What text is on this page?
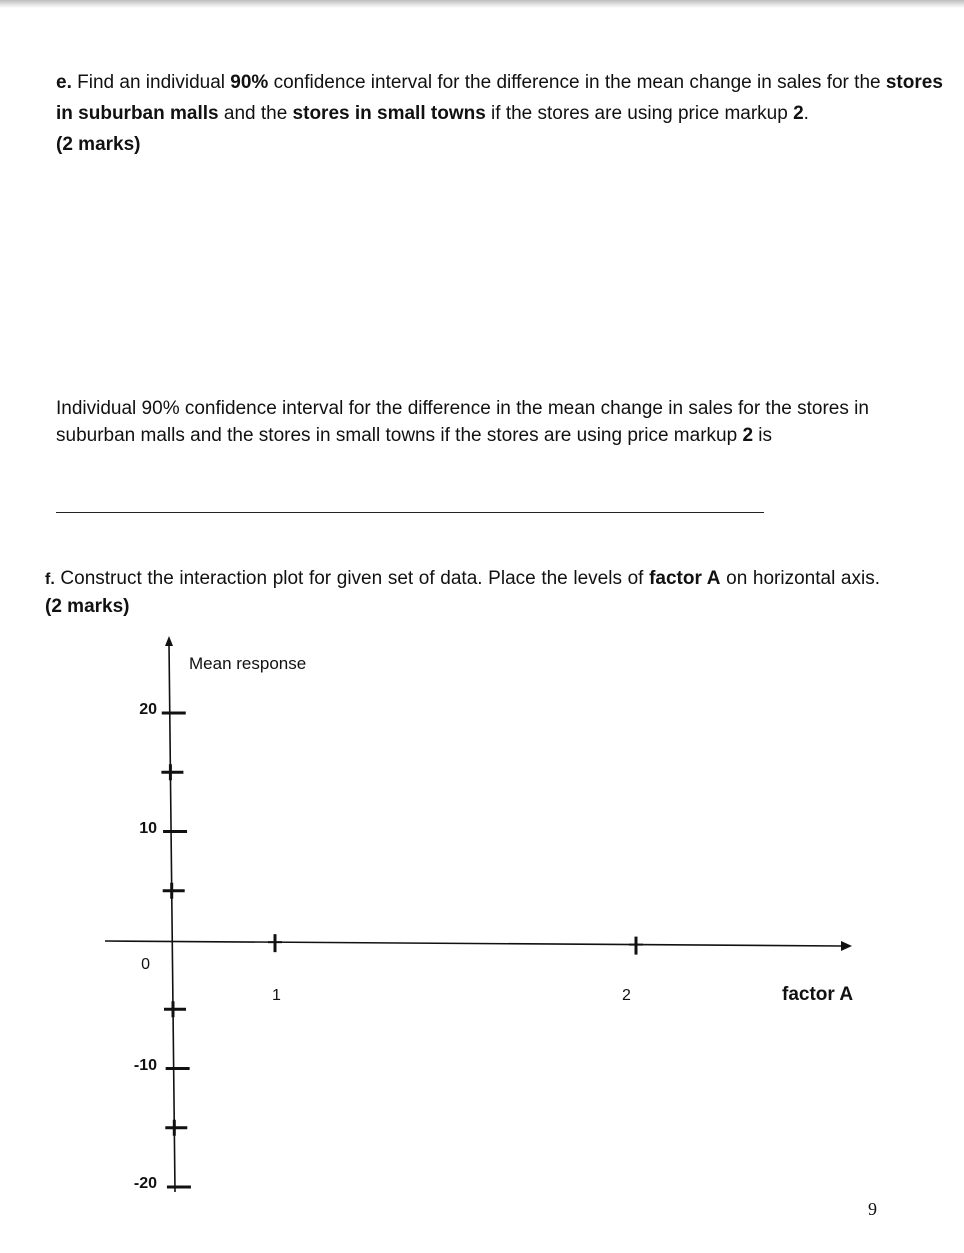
e. Find an individual 90% confidence interval for the difference in the mean change in sales for the stores in suburban malls and the stores in small towns if the stores are using price markup 2.
(2 marks)

Individual 90% confidence interval for the difference in the mean change in sales for the stores in suburban malls and the stores in small towns if the stores are using price markup 2 is

f. Construct the interaction plot for given set of data. Place the levels of factor A on horizontal axis. (2 marks)

Mean response
factor A
0
10
20
-10
-20
1	2
9
